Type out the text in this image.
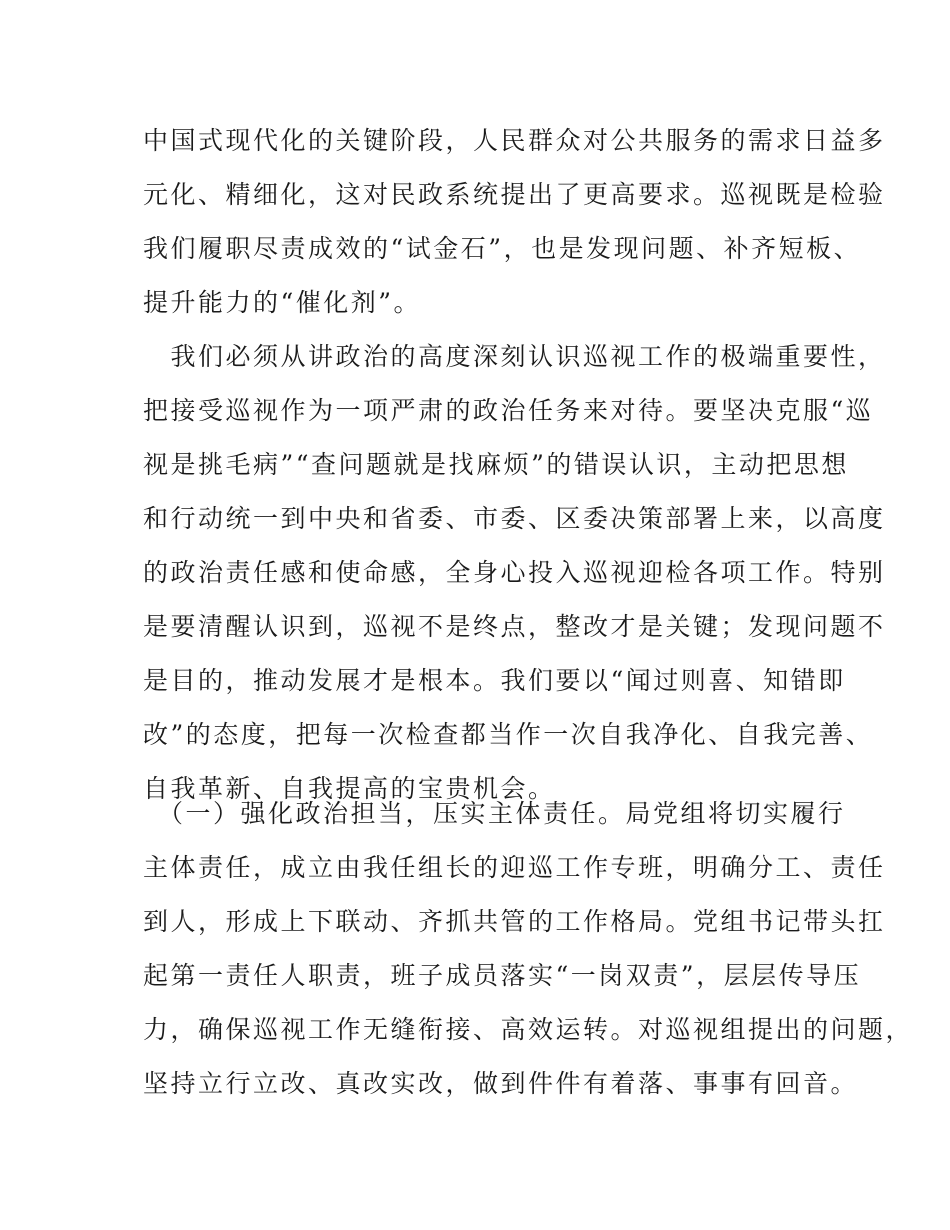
中国式现代化的关键阶段，人民群众对公共服务的需求日益多
元化、精细化，这对民政系统提出了更高要求。巡视既是检验
我们履职尽责成效的“试金石”，也是发现问题、补齐短板、
提升能力的“催化剂”。
　我们必须从讲政治的高度深刻认识巡视工作的极端重要性，
把接受巡视作为一项严肃的政治任务来对待。要坚决克服“巡
视是挑毛病”“查问题就是找麻烦”的错误认识，主动把思想
和行动统一到中央和省委、市委、区委决策部署上来，以高度
的政治责任感和使命感，全身心投入巡视迎检各项工作。特别
是要清醒认识到，巡视不是终点，整改才是关键；发现问题不
是目的，推动发展才是根本。我们要以“闻过则喜、知错即
改”的态度，把每一次检查都当作一次自我净化、自我完善、
自我革新、自我提高的宝贵机会。
　（一）强化政治担当，压实主体责任。局党组将切实履行
主体责任，成立由我任组长的迎巡工作专班，明确分工、责任
到人，形成上下联动、齐抓共管的工作格局。党组书记带头扛
起第一责任人职责，班子成员落实“一岗双责”，层层传导压
力，确保巡视工作无缝衔接、高效运转。对巡视组提出的问题，
坚持立行立改、真改实改，做到件件有着落、事事有回音。
